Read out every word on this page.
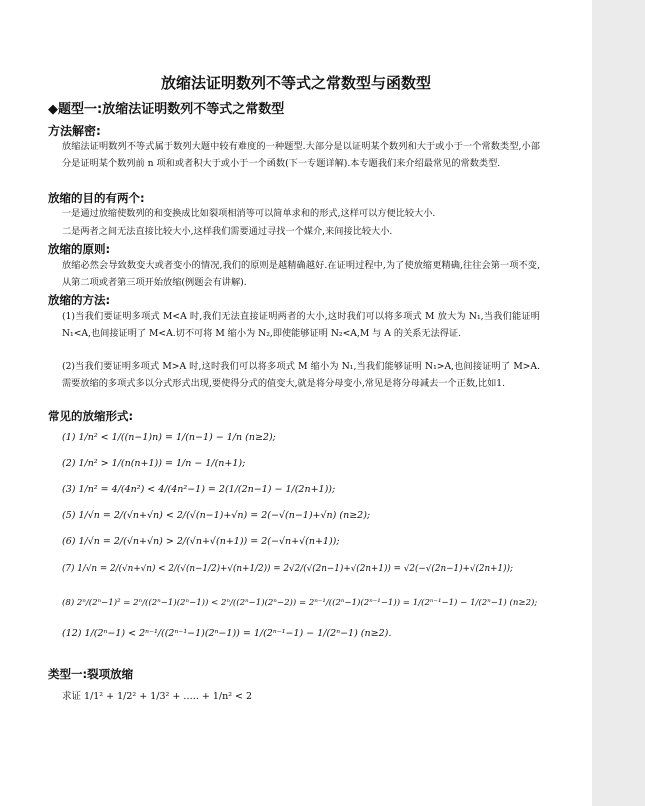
放缩法证明数列不等式之常数型与函数型
◆题型一:放缩法证明数列不等式之常数型
方法解密:
放缩法证明数列不等式属于数列大题中较有难度的一种题型.大部分是以证明某个数列和大于或小于一个常数类型,小部分是证明某个数列前 n 项和或者积大于或小于一个函数(下一专题详解).本专题我们来介绍最常见的常数类型.
放缩的目的有两个:
一是通过放缩使数列的和变换成比如裂项相消等可以简单求和的形式,这样可以方便比较大小.
二是两者之间无法直接比较大小,这样我们需要通过寻找一个媒介,来间接比较大小.
放缩的原则:
放缩必然会导致数变大或者变小的情况,我们的原则是越精确越好.在证明过程中,为了使放缩更精确,往往会第一项不变,从第二项或者第三项开始放缩(例题会有讲解).
放缩的方法:
(1)当我们要证明多项式 M<A 时,我们无法直接证明两者的大小,这时我们可以将多项式 M 放大为 N₁,当我们能证明 N₁<A,也间接证明了 M<A.切不可将 M 缩小为 N₂,即使能够证明 N₂<A,M 与 A 的关系无法得证.
(2)当我们要证明多项式 M>A 时,这时我们可以将多项式 M 缩小为 N₁,当我们能够证明 N₁>A,也间接证明了 M>A.需要放缩的多项式多以分式形式出现,要使得分式的值变大,就是将分母变小,常见是将分母减去一个正数,比如1.
常见的放缩形式:
(1) 1/n² < 1/((n−1)n) = 1/(n−1) − 1/n (n≥2);
(2) 1/n² > 1/(n(n+1)) = 1/n − 1/(n+1);
(3) 1/n² = 4/(4n²) < 4/(4n²−1) = 2(1/(2n−1) − 1/(2n+1));
(5) 1/√n = 2/(√n+√n) < 2/(√(n−1)+√n) = 2(−√(n−1)+√n) (n≥2);
(6) 1/√n = 2/(√n+√n) > 2/(√n+√(n+1)) = 2(−√n+√(n+1));
(7) 1/√n = 2/(√n+√n) < 2/(√(n−1/2)+√(n+1/2)) = 2√2/(√(2n−1)+√(2n+1)) = √2(−√(2n−1)+√(2n+1));
(8) 2ⁿ/(2ⁿ−1)² = 2ⁿ/((2ⁿ−1)(2ⁿ−1)) < 2ⁿ/((2ⁿ−1)(2ⁿ−2)) = 2ⁿ⁻¹/((2ⁿ−1)(2ⁿ⁻¹−1)) = 1/(2ⁿ⁻¹−1) − 1/(2ⁿ−1) (n≥2);
(12) 1/(2ⁿ−1) < 2ⁿ⁻¹/((2ⁿ⁻¹−1)(2ⁿ−1)) = 1/(2ⁿ⁻¹−1) − 1/(2ⁿ−1) (n≥2).
类型一:裂项放缩
求证 1/1² + 1/2² + 1/3² + ….. + 1/n² < 2
